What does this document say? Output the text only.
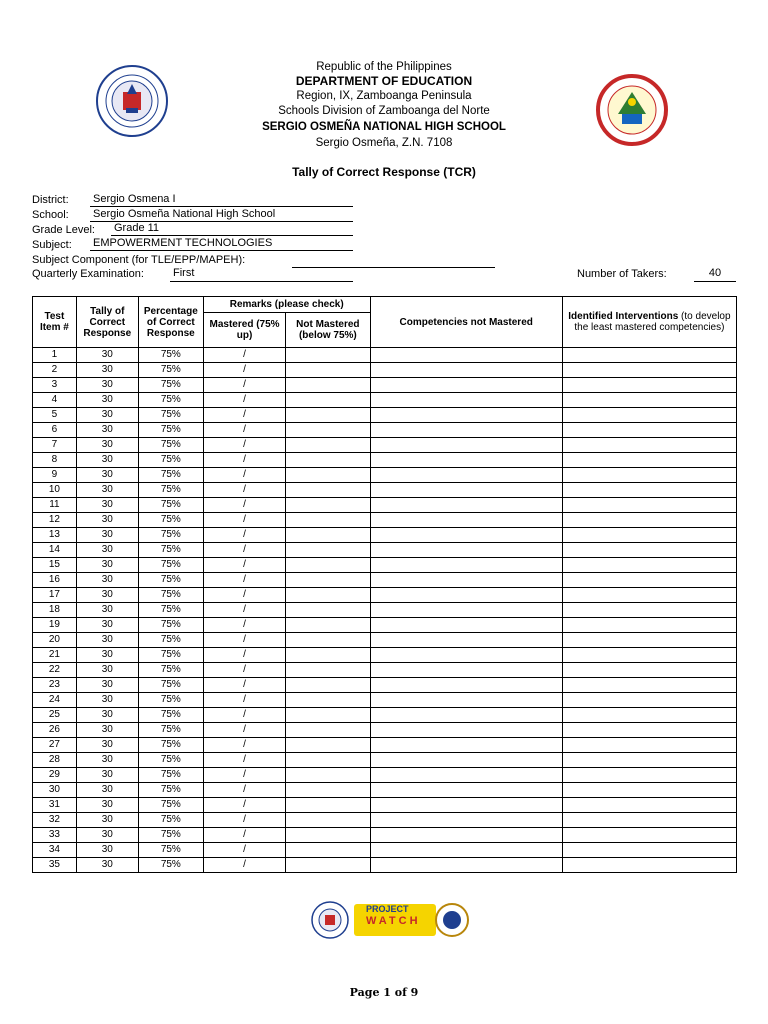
Republic of the Philippines
DEPARTMENT OF EDUCATION
Region, IX, Zamboanga Peninsula
Schools Division of Zamboanga del Norte
SERGIO OSMEÑA NATIONAL HIGH SCHOOL
Sergio Osmeña, Z.N. 7108
Tally of Correct Response (TCR)
District: Sergio Osmena I
School: Sergio Osmeña National High School
Grade Level: Grade 11
Subject: EMPOWERMENT TECHNOLOGIES
Subject Component (for TLE/EPP/MAPEH):
Quarterly Examination:	First	Number of Takers:	40
Test Item #	Tally of Correct Response	Percentage of Correct Response	Remarks (please check)		Competencies not Mastered	Identified Interventions (to develop the least mastered competencies)
			Mastered (75% up)	Not Mastered (below 75%)		
1	30	75%	/			
2	30	75%	/			
3	30	75%	/			
4	30	75%	/			
5	30	75%	/			
6	30	75%	/			
7	30	75%	/			
8	30	75%	/			
9	30	75%	/			
10	30	75%	/			
11	30	75%	/			
12	30	75%	/			
13	30	75%	/			
14	30	75%	/			
15	30	75%	/			
16	30	75%	/			
17	30	75%	/			
18	30	75%	/			
19	30	75%	/			
20	30	75%	/			
21	30	75%	/			
22	30	75%	/			
23	30	75%	/			
24	30	75%	/			
25	30	75%	/			
26	30	75%	/			
27	30	75%	/			
28	30	75%	/			
29	30	75%	/			
30	30	75%	/			
31	30	75%	/			
32	30	75%	/			
33	30	75%	/			
34	30	75%	/			
35	30	75%	/			
PROJECT
WATCH
Page 1 of 9
